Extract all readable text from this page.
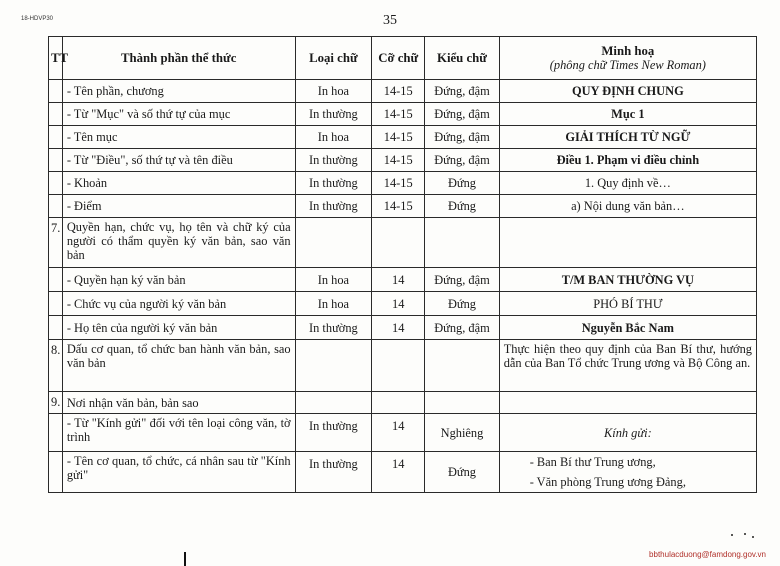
18-HDVP30	35
TT	Thành phần thể thức	Loại chữ	Cỡ chữ	Kiểu chữ	Minh hoạ
(phông chữ Times New Roman)

	- Tên phần, chương	In hoa	14-15	Đứng, đậm	QUY ĐỊNH CHUNG
	- Từ "Mục" và số thứ tự của mục	In thường	14-15	Đứng, đậm	Mục 1
	- Tên mục	In hoa	14-15	Đứng, đậm	GIẢI THÍCH TỪ NGỮ
	- Từ "Điều", số thứ tự và tên điều	In thường	14-15	Đứng, đậm	Điều 1. Phạm vi điều chỉnh
	- Khoản	In thường	14-15	Đứng	1. Quy định về…
	- Điểm	In thường	14-15	Đứng	a) Nội dung văn bản…
7.	Quyền hạn, chức vụ, họ tên và chữ ký của người có thẩm quyền ký văn bản, sao văn bản				
	- Quyền hạn ký văn bản	In hoa	14	Đứng, đậm	T/M BAN THƯỜNG VỤ
	- Chức vụ của người ký văn bản	In hoa	14	Đứng	PHÓ BÍ THƯ
	- Họ tên của người ký văn bản	In thường	14	Đứng, đậm	Nguyễn Bắc Nam
8.	Dấu cơ quan, tổ chức ban hành văn bản, sao văn bản				Thực hiện theo quy định của Ban Bí thư, hướng dẫn của Ban Tổ chức Trung ương và Bộ Công an.
9.	Nơi nhận văn bản, bản sao				
	- Từ "Kính gửi" đối với tên loại công văn, tờ trình	In thường	14	Nghiêng	Kính gửi:
	- Tên cơ quan, tổ chức, cá nhân sau từ "Kính gửi"	In thường	14	Đứng	- Ban Bí thư Trung ương,
- Văn phòng Trung ương Đảng,
bbthulacduong@famdong.gov.vn
